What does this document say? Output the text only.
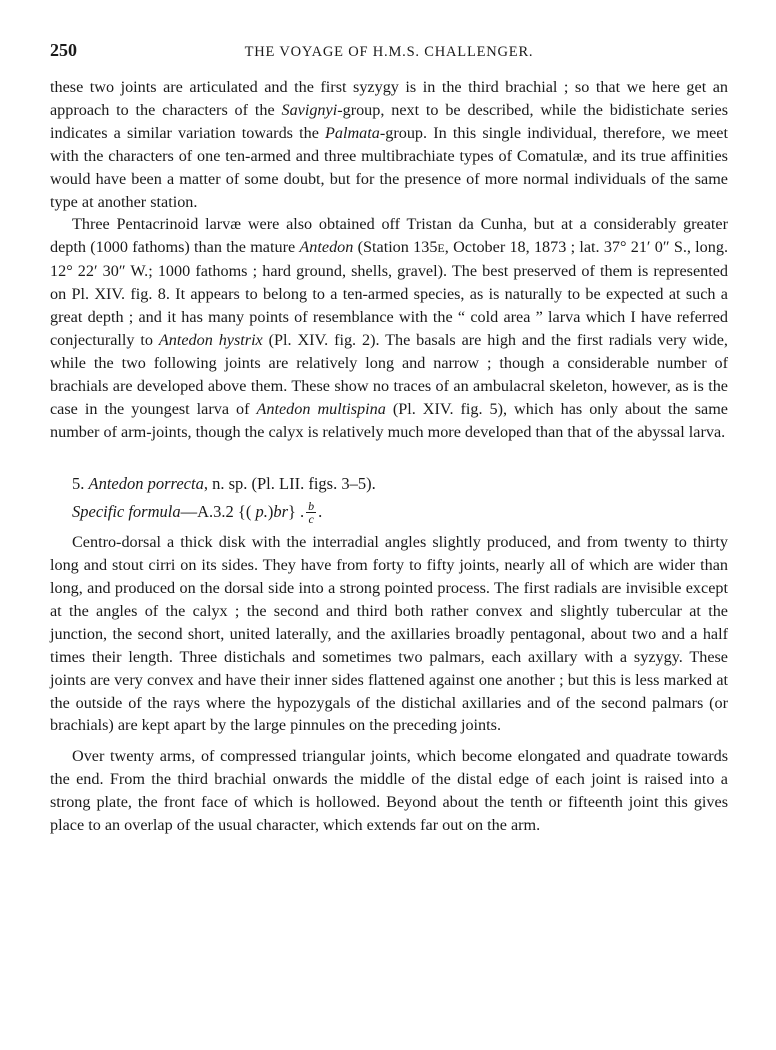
250	THE VOYAGE OF H.M.S. CHALLENGER.

these two joints are articulated and the first syzygy is in the third brachial ; so that we here get an approach to the characters of the Savignyi-group, next to be described, while the bidistichate series indicates a similar variation towards the Palmata-group. In this single individual, therefore, we meet with the characters of one ten-armed and three multibrachiate types of Comatulæ, and its true affinities would have been a matter of some doubt, but for the presence of more normal individuals of the same type at another station.

Three Pentacrinoid larvæ were also obtained off Tristan da Cunha, but at a considerably greater depth (1000 fathoms) than the mature Antedon (Station 135E, October 18, 1873 ; lat. 37° 21′ 0″ S., long. 12° 22′ 30″ W.; 1000 fathoms ; hard ground, shells, gravel). The best preserved of them is represented on Pl. XIV. fig. 8. It appears to belong to a ten-armed species, as is naturally to be expected at such a great depth ; and it has many points of resemblance with the “ cold area ” larva which I have referred conjecturally to Antedon hystrix (Pl. XIV. fig. 2). The basals are high and the first radials very wide, while the two following joints are relatively long and narrow ; though a considerable number of brachials are developed above them. These show no traces of an ambulacral skeleton, however, as is the case in the youngest larva of Antedon multispina (Pl. XIV. fig. 5), which has only about the same number of arm-joints, though the calyx is relatively much more developed than that of the abyssal larva.

5. Antedon porrecta, n. sp. (Pl. LII. figs. 3–5).
Specific formula—A.3.2 {( p.)br} . $\frac{b}{c}$ .

Centro-dorsal a thick disk with the interradial angles slightly produced, and from twenty to thirty long and stout cirri on its sides. They have from forty to fifty joints, nearly all of which are wider than long, and produced on the dorsal side into a strong pointed process. The first radials are invisible except at the angles of the calyx ; the second and third both rather convex and slightly tubercular at the junction, the second short, united laterally, and the axillaries broadly pentagonal, about two and a half times their length. Three distichals and sometimes two palmars, each axillary with a syzygy. These joints are very convex and have their inner sides flattened against one another ; but this is less marked at the outside of the rays where the hypozygals of the distichal axillaries and of the second palmars (or brachials) are kept apart by the large pinnules on the preceding joints.

Over twenty arms, of compressed triangular joints, which become elongated and quadrate towards the end. From the third brachial onwards the middle of the distal edge of each joint is raised into a strong plate, the front face of which is hollowed. Beyond about the tenth or fifteenth joint this gives place to an overlap of the usual character, which extends far out on the arm.
